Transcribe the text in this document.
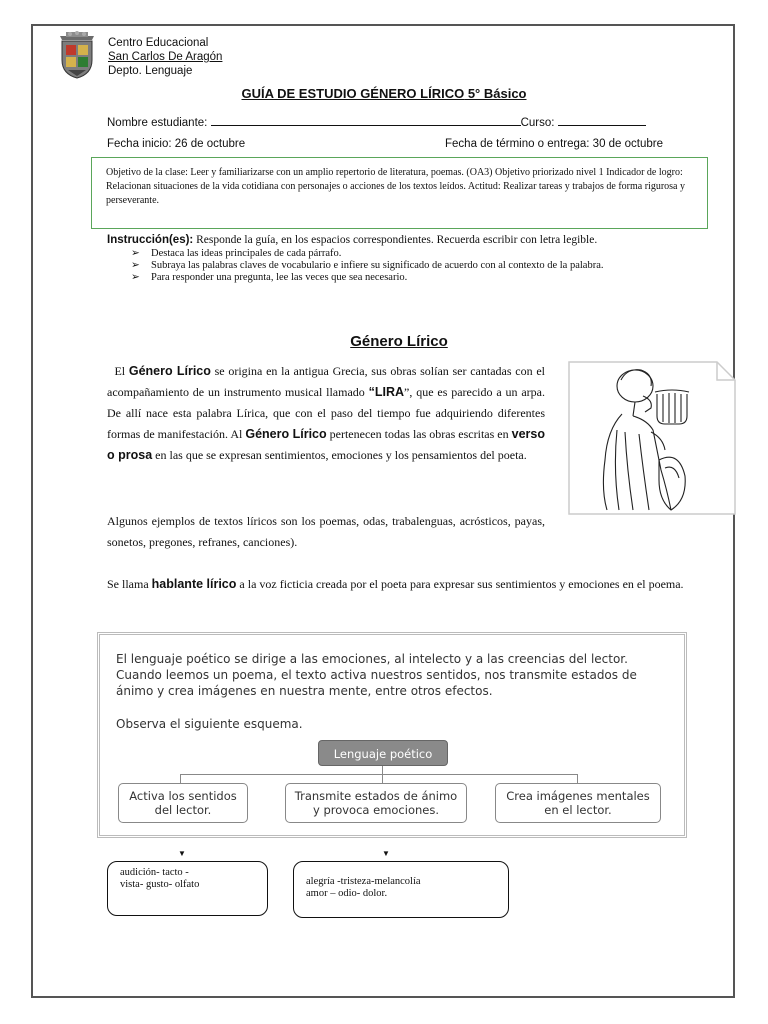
Centro Educacional
San Carlos De Aragón
Depto. Lenguaje
GUÍA DE ESTUDIO GÉNERO LÍRICO 5° Básico
Nombre estudiante:	Curso:
Fecha inicio: 26 de octubre	Fecha de término o entrega: 30 de octubre
Objetivo de la clase: Leer y familiarizarse con un amplio repertorio de literatura, poemas. (OA3) Objetivo priorizado nivel 1 Indicador de logro: Relacionan situaciones de la vida cotidiana con personajes o acciones de los textos leídos. Actitud: Realizar tareas y trabajos de forma rigurosa y perseverante.
Instrucción(es): Responde la guía, en los espacios correspondientes. Recuerda escribir con letra legible.
➢ Destaca las ideas principales de cada párrafo.
➢ Subraya las palabras claves de vocabulario e infiere su significado de acuerdo con al contexto de la palabra.
➢ Para responder una pregunta, lee las veces que sea necesario.
Género Lírico
El Género Lírico se origina en la antigua Grecia, sus obras solían ser cantadas con el acompañamiento de un instrumento musical llamado “LIRA”, que es parecido a un arpa. De allí nace esta palabra Lírica, que con el paso del tiempo fue adquiriendo diferentes formas de manifestación. Al Género Lírico pertenecen todas las obras escritas en verso o prosa en las que se expresan sentimientos, emociones y los pensamientos del poeta.
Algunos ejemplos de textos líricos son los poemas, odas, trabalenguas, acrósticos, payas, sonetos, pregones, refranes, canciones).
Se llama hablante lírico a la voz ficticia creada por el poeta para expresar sus sentimientos y emociones en el poema.
El lenguaje poético se dirige a las emociones, al intelecto y a las creencias del lector. Cuando leemos un poema, el texto activa nuestros sentidos, nos transmite estados de ánimo y crea imágenes en nuestra mente, entre otros efectos.
Observa el siguiente esquema.
Lenguaje poético
Activa los sentidos
del lector.
Transmite estados de ánimo
y provoca emociones.
Crea imágenes mentales
en el lector.
▼	▼
audición- tacto -
vista- gusto- olfato	alegría -tristeza-melancolía
amor – odio- dolor.
